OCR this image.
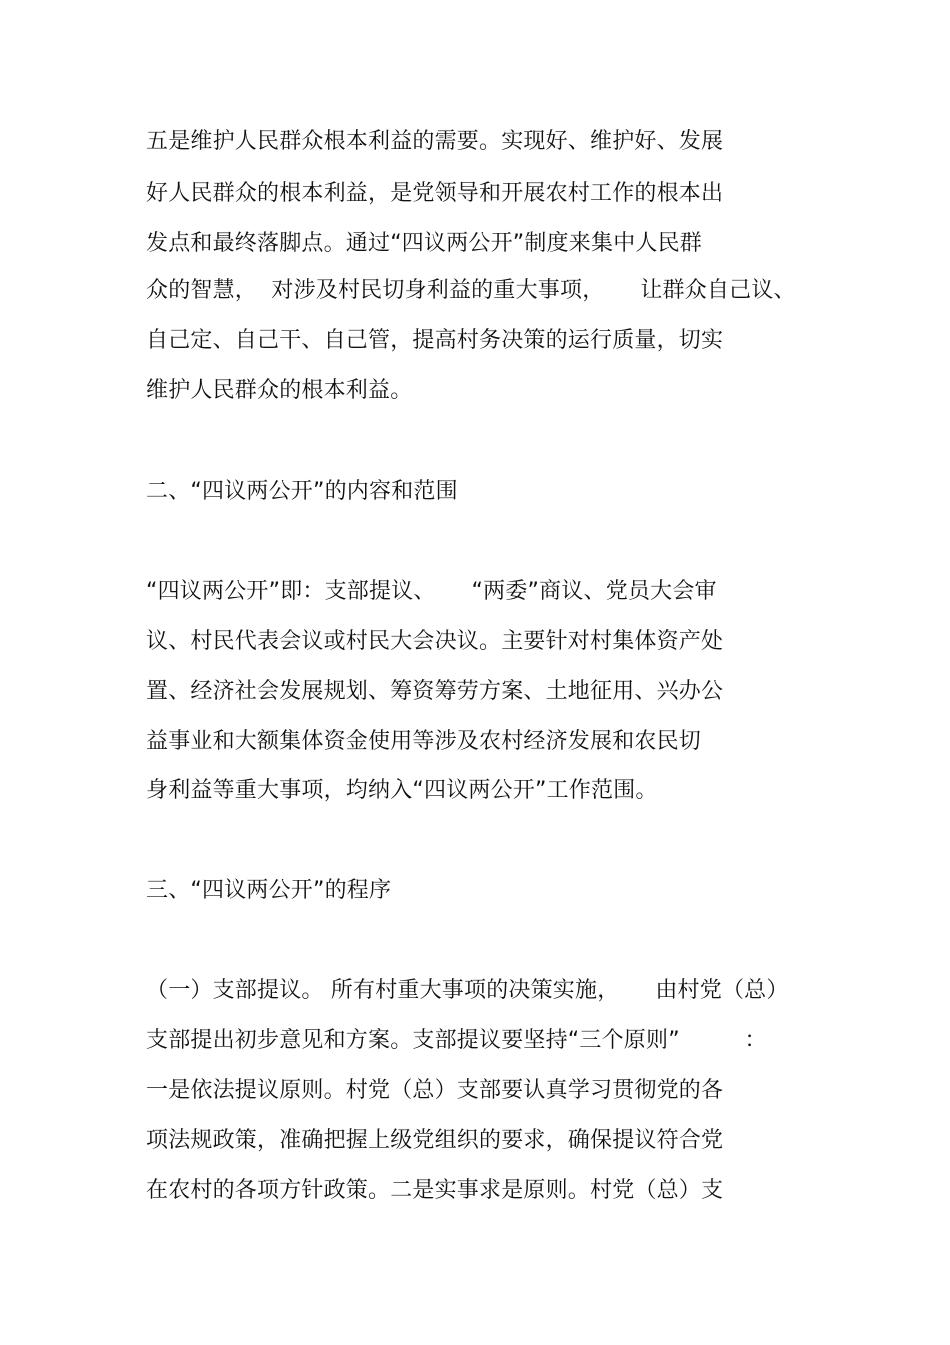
五是维护人民群众根本利益的需要。实现好、维护好、发展
好人民群众的根本利益，是党领导和开展农村工作的根本出
发点和最终落脚点。通过“四议两公开”制度来集中人民群
众的智慧，  对涉及村民切身利益的重大事项，     让群众自己议、
自己定、自己干、自己管，提高村务决策的运行质量，切实
维护人民群众的根本利益。
二、“四议两公开”的内容和范围
“四议两公开”即：支部提议、     “两委”商议、党员大会审
议、村民代表会议或村民大会决议。主要针对村集体资产处
置、经济社会发展规划、筹资筹劳方案、土地征用、兴办公
益事业和大额集体资金使用等涉及农村经济发展和农民切
身利益等重大事项，均纳入“四议两公开”工作范围。
三、“四议两公开”的程序
（一）支部提议。 所有村重大事项的决策实施，     由村党（总）
支部提出初步意见和方案。支部提议要坚持“三个原则”         ：
一是依法提议原则。村党（总）支部要认真学习贯彻党的各
项法规政策，准确把握上级党组织的要求，确保提议符合党
在农村的各项方针政策。二是实事求是原则。村党（总）支
